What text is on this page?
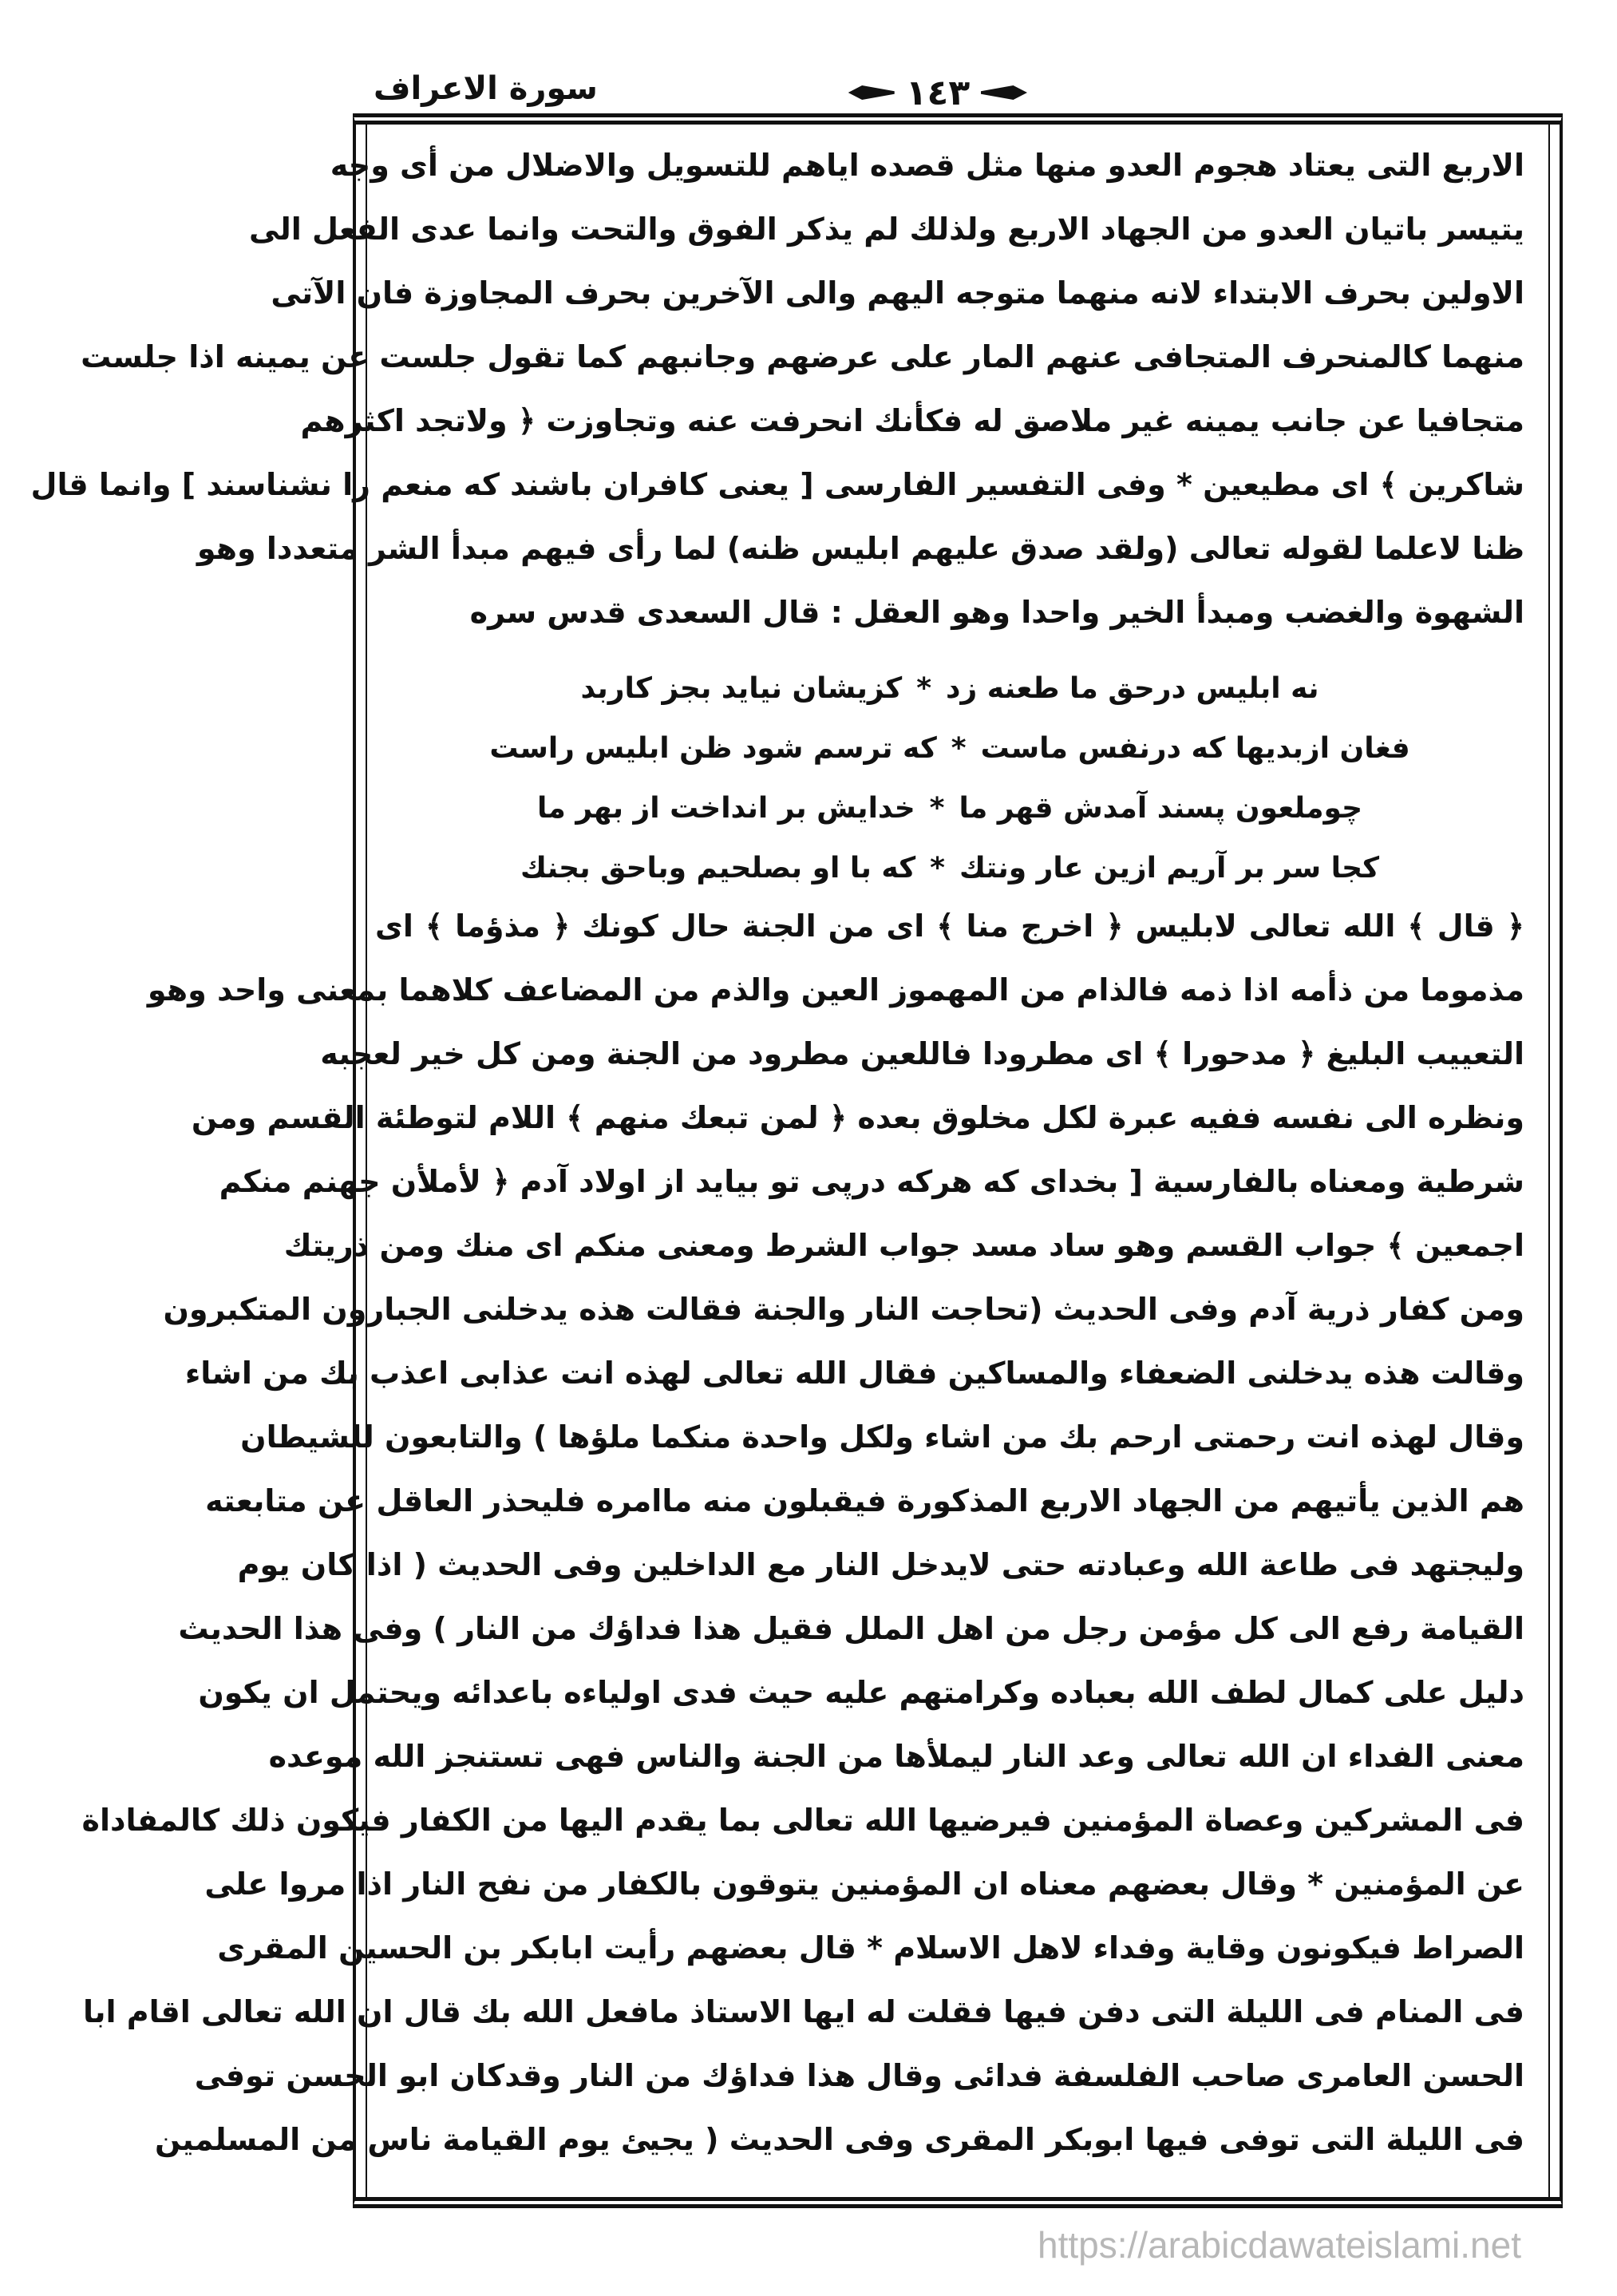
سورة الاعراف	١٤٣
الاربع التى يعتاد هجوم العدو منها مثل قصده اياهم للتسويل والاضلال من أى وجه
يتيسر باتيان العدو من الجهاد الاربع ولذلك لم يذكر الفوق والتحت وانما عدى الفعل الى
الاولين بحرف الابتداء لانه منهما متوجه اليهم والى الآخرين بحرف المجاوزة فان الآتى
منهما كالمنحرف المتجافى عنهم المار على عرضهم وجانبهم كما تقول جلست عن يمينه اذا جلست
متجافيا عن جانب يمينه غير ملاصق له فكأنك انحرفت عنه وتجاوزت ﴿ ولاتجد اكثرهم
شاكرين ﴾ اى مطيعين * وفى التفسير الفارسى [ يعنى كافران باشند كه منعم را نشناسند ] وانما قال
ظنا لاعلما لقوله تعالى (ولقد صدق عليهم ابليس ظنه) لما رأى فيهم مبدأ الشر متعددا وهو
الشهوة والغضب ومبدأ الخير واحدا وهو العقل : قال السعدى قدس سره
نه ابليس درحق ما طعنه زد*كزيشان نيايد بجز كاربد
فغان ازبديها كه درنفس ماست*كه ترسم شود ظن ابليس راست
چوملعون پسند آمدش قهر ما*خدايش بر انداخت از بهر ما
كجا سر بر آريم ازين عار ونتك*كه با او بصلحيم وباحق بجنك
﴿ قال ﴾ الله تعالى لابليس ﴿ اخرج منا ﴾ اى من الجنة حال كونك ﴿ مذؤما ﴾ اى
مذموما من ذأمه اذا ذمه فالذام من المهموز العين والذم من المضاعف كلاهما بمعنى واحد وهو
التعييب البليغ ﴿ مدحورا ﴾ اى مطرودا فاللعين مطرود من الجنة ومن كل خير لعجبه
ونظره الى نفسه ففيه عبرة لكل مخلوق بعده ﴿ لمن تبعك منهم ﴾ اللام لتوطئة القسم ومن
شرطية ومعناه بالفارسية [ بخداى كه هركه درپى تو بيايد از اولاد آدم ﴿ لأملأن جهنم منكم
اجمعين ﴾ جواب القسم وهو ساد مسد جواب الشرط ومعنى منكم اى منك ومن ذريتك
ومن كفار ذرية آدم وفى الحديث (تحاجت النار والجنة فقالت هذه يدخلنى الجبارون المتكبرون
وقالت هذه يدخلنى الضعفاء والمساكين فقال الله تعالى لهذه انت عذابى اعذب بك من اشاء
وقال لهذه انت رحمتى ارحم بك من اشاء ولكل واحدة منكما ملؤها ) والتابعون للشيطان
هم الذين يأتيهم من الجهاد الاربع المذكورة فيقبلون منه ماامره فليحذر العاقل عن متابعته
وليجتهد فى طاعة الله وعبادته حتى لايدخل النار مع الداخلين وفى الحديث ( اذا كان يوم
القيامة رفع الى كل مؤمن رجل من اهل الملل فقيل هذا فداؤك من النار ) وفى هذا الحديث
دليل على كمال لطف الله بعباده وكرامتهم عليه حيث فدى اولياءه باعدائه ويحتمل ان يكون
معنى الفداء ان الله تعالى وعد النار ليملأها من الجنة والناس فهى تستنجز الله موعده
فى المشركين وعصاة المؤمنين فيرضيها الله تعالى بما يقدم اليها من الكفار فيكون ذلك كالمفاداة
عن المؤمنين * وقال بعضهم معناه ان المؤمنين يتوقون بالكفار من نفح النار اذا مروا على
الصراط فيكونون وقاية وفداء لاهل الاسلام * قال بعضهم رأيت ابابكر بن الحسين المقرى
فى المنام فى الليلة التى دفن فيها فقلت له ايها الاستاذ مافعل الله بك قال ان الله تعالى اقام ابا
الحسن العامرى صاحب الفلسفة فدائى وقال هذا فداؤك من النار وقدكان ابو الحسن توفى
فى الليلة التى توفى فيها ابوبكر المقرى وفى الحديث ( يجيئ يوم القيامة ناس من المسلمين
https://arabicdawateislami.net
